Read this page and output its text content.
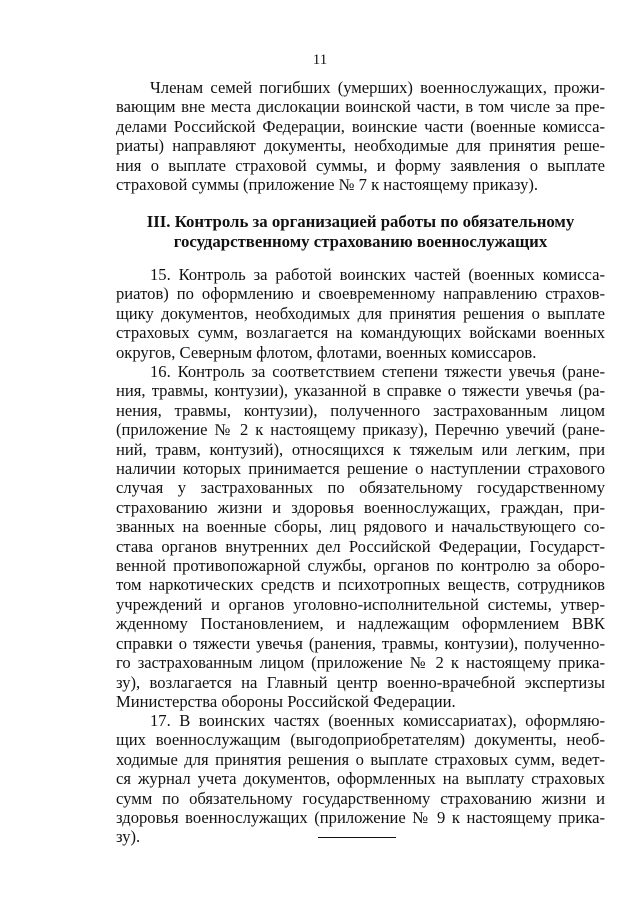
11
Членам семей погибших (умерших) военнослужащих, прожи-
вающим вне места дислокации воинской части, в том числе за пре-
делами Российской Федерации, воинские части (военные комисса-
риаты) направляют документы, необходимые для принятия реше-
ния о выплате страховой суммы, и форму заявления о выплате
страховой суммы (приложение № 7 к настоящему приказу).
III. Контроль за организацией работы по обязательному
государственному страхованию военнослужащих
15. Контроль за работой воинских частей (военных комисса-
риатов) по оформлению и своевременному направлению страхов-
щику документов, необходимых для принятия решения о выплате
страховых сумм, возлагается на командующих войсками военных
округов, Северным флотом, флотами, военных комиссаров.
16. Контроль за соответствием степени тяжести увечья (ране-
ния, травмы, контузии), указанной в справке о тяжести увечья (ра-
нения, травмы, контузии), полученного застрахованным лицом
(приложение № 2 к настоящему приказу), Перечню увечий (ране-
ний, травм, контузий), относящихся к тяжелым или легким, при
наличии которых принимается решение о наступлении страхового
случая у застрахованных по обязательному государственному
страхованию жизни и здоровья военнослужащих, граждан, при-
званных на военные сборы, лиц рядового и начальствующего со-
става органов внутренних дел Российской Федерации, Государст-
венной противопожарной службы, органов по контролю за оборо-
том наркотических средств и психотропных веществ, сотрудников
учреждений и органов уголовно-исполнительной системы, утвер-
жденному Постановлением, и надлежащим оформлением ВВК
справки о тяжести увечья (ранения, травмы, контузии), полученно-
го застрахованным лицом (приложение № 2 к настоящему прика-
зу), возлагается на Главный центр военно-врачебной экспертизы
Министерства обороны Российской Федерации.
17. В воинских частях (военных комиссариатах), оформляю-
щих военнослужащим (выгодоприобретателям) документы, необ-
ходимые для принятия решения о выплате страховых сумм, ведет-
ся журнал учета документов, оформленных на выплату страховых
сумм по обязательному государственному страхованию жизни и
здоровья военнослужащих (приложение № 9 к настоящему прика-
зу).
